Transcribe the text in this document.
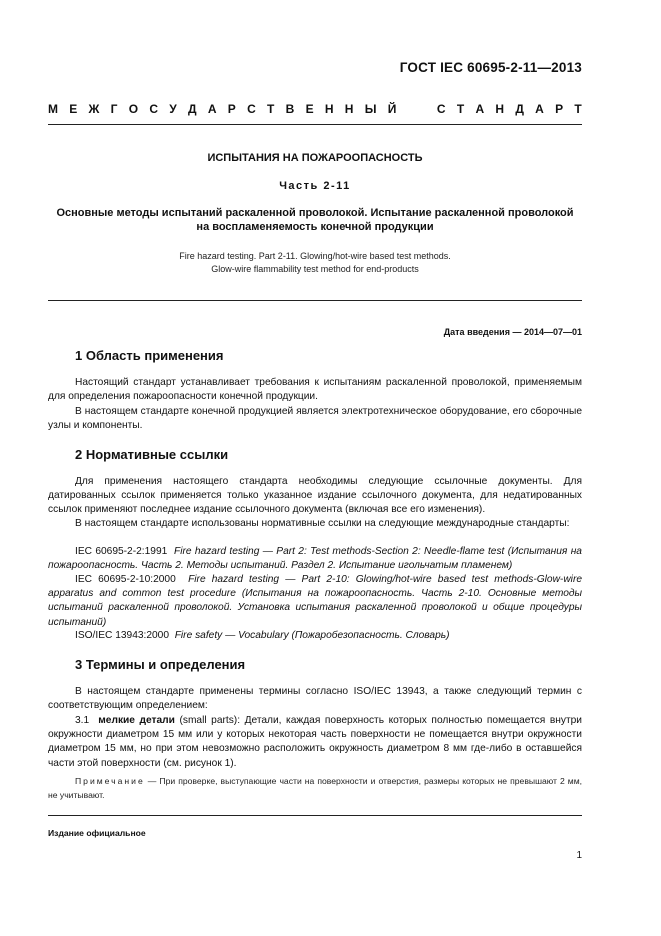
ГОСТ IEC 60695-2-11—2013
М Е Ж Г О С У Д А Р С Т В Е Н Н Ы Й	С Т А Н Д А Р Т
ИСПЫТАНИЯ НА ПОЖАРООПАСНОСТЬ
Часть 2-11
Основные методы испытаний раскаленной проволокой. Испытание раскаленной проволокой
на воспламеняемость конечной продукции
Fire hazard testing. Part 2-11. Glowing/hot-wire based test methods.
Glow-wire flammability test method for end-products
Дата введения — 2014—07—01
1 Область применения

Настоящий стандарт устанавливает требования к испытаниям раскаленной проволокой, применяемым для определения пожароопасности конечной продукции.

В настоящем стандарте конечной продукцией является электротехническое оборудование, его сборочные узлы и компоненты.

2 Нормативные ссылки

Для применения настоящего стандарта необходимы следующие ссылочные документы. Для датированных ссылок применяется только указанное издание ссылочного документа, для недатированных ссылок применяют последнее издание ссылочного документа (включая все его изменения).

В настоящем стандарте использованы нормативные ссылки на следующие международные стандарты:

IEC 60695-2-2:1991 Fire hazard testing — Part 2: Test methods-Section 2: Needle-flame test (Испытания на пожароопасность. Часть 2. Методы испытаний. Раздел 2. Испытание игольчатым пламенем)

IEC 60695-2-10:2000 Fire hazard testing — Part 2-10: Glowing/hot-wire based test methods-Glow-wire apparatus and common test procedure (Испытания на пожароопасность. Часть 2-10. Основные методы испытаний раскаленной проволокой. Установка испытания раскаленной проволокой и общие процедуры испытаний)

ISO/IEC 13943:2000 Fire safety — Vocabulary (Пожаробезопасность. Словарь)

3 Термины и определения

В настоящем стандарте применены термины согласно ISO/IEC 13943, а также следующий термин с соответствующим определением:

3.1 мелкие детали (small parts): Детали, каждая поверхность которых полностью помещается внутри окружности диаметром 15 мм или у которых некоторая часть поверхности не помещается внутри окружности диаметром 15 мм, но при этом невозможно расположить окружность диаметром 8 мм где-либо в оставшейся части этой поверхности (см. рисунок 1).

Примечание — При проверке, выступающие части на поверхности и отверстия, размеры которых не превышают 2 мм, не учитывают.
Издание официальное
1
